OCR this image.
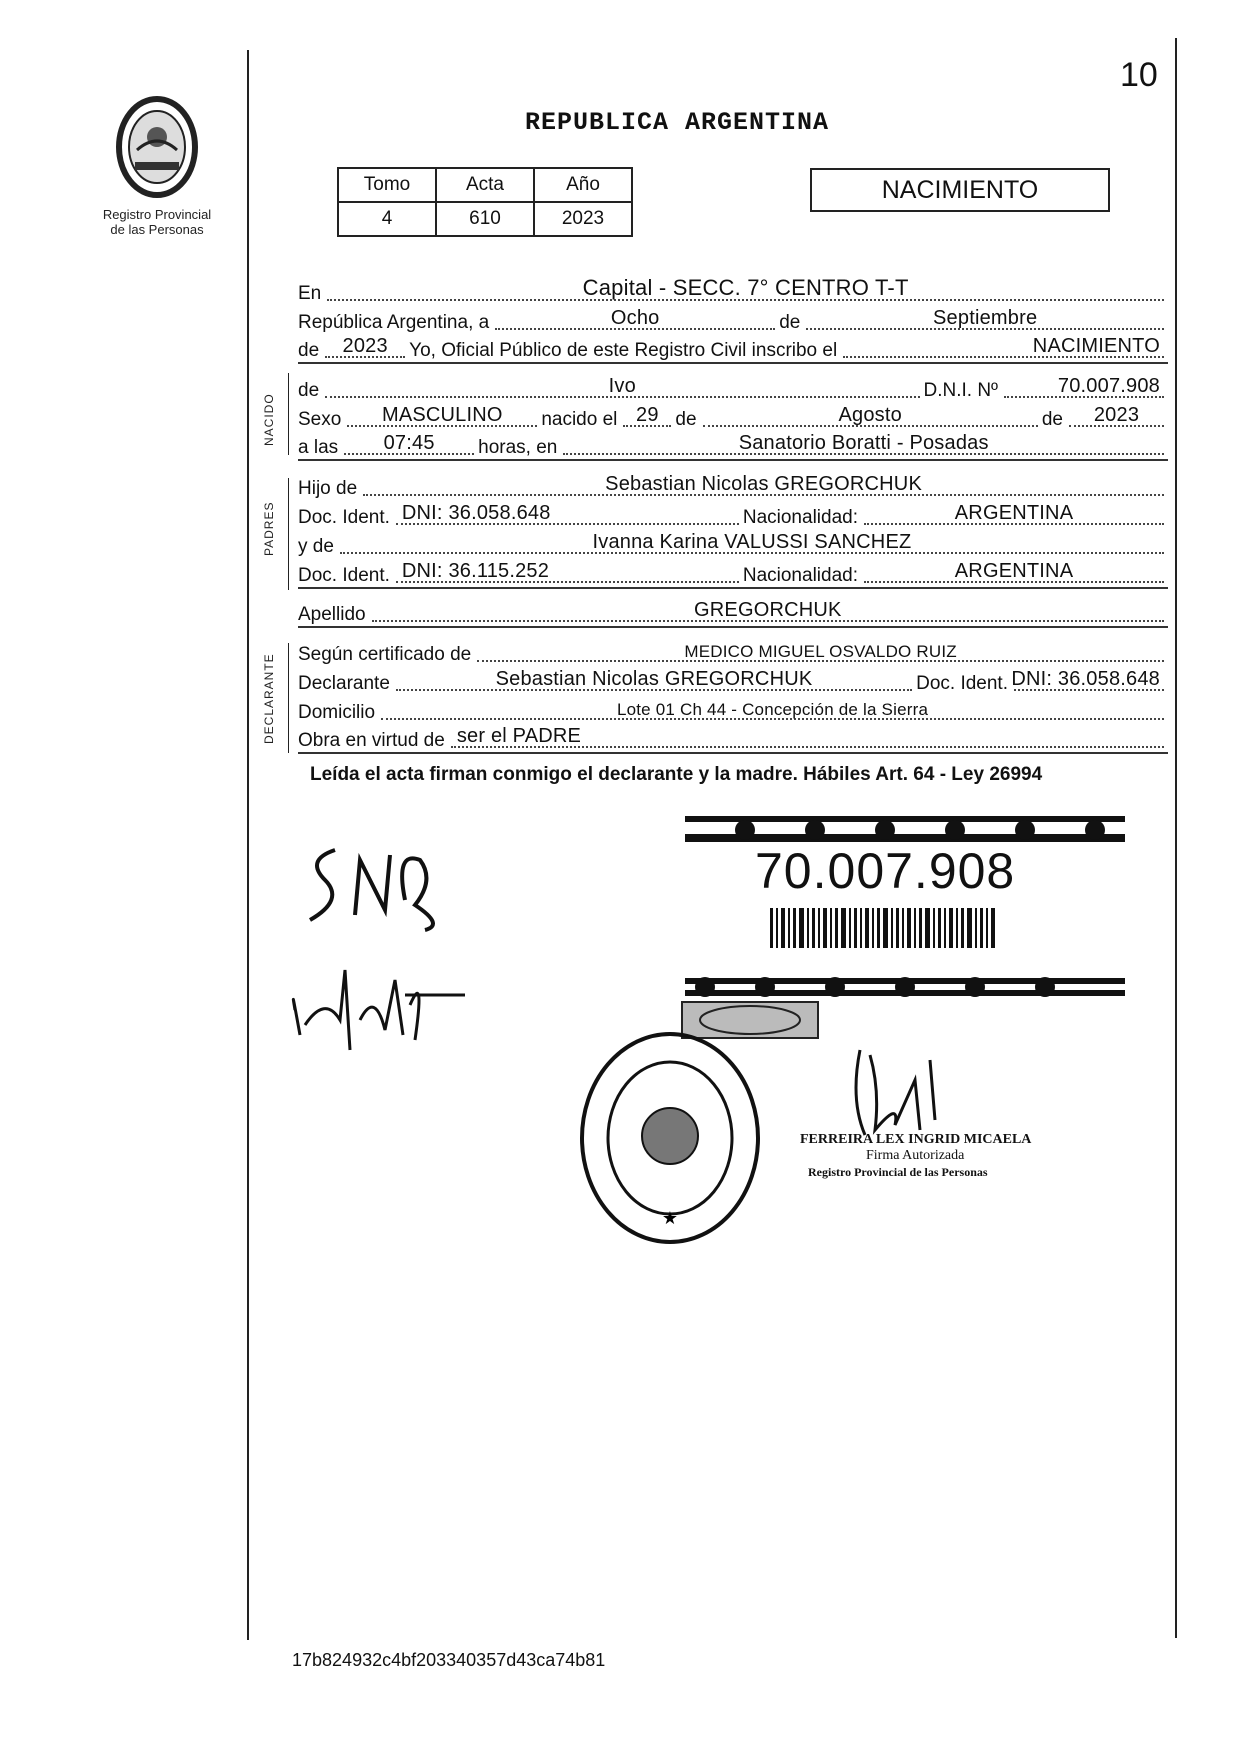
10
Registro Provincial
de las Personas
REPUBLICA ARGENTINA
Tomo	Acta	Año
4	610	2023
NACIMIENTO
NACIDO
PADRES
DECLARANTE
En	Capital - SECC. 7° CENTRO T-T
República Argentina, a	Ocho	de	Septiembre
de 2023 Yo, Oficial Público de este Registro Civil inscribo el	NACIMIENTO
de	Ivo	D.N.I. Nº	70.007.908
Sexo MASCULINO nacido el 29 de	Agosto	de 2023
a las 07:45 horas, en	Sanatorio Boratti - Posadas
Hijo de	Sebastian Nicolas GREGORCHUK
Doc. Ident. DNI: 36.058.648	Nacionalidad:	ARGENTINA
y de	Ivanna Karina VALUSSI SANCHEZ
Doc. Ident. DNI: 36.115.252	Nacionalidad:	ARGENTINA
Apellido	GREGORCHUK
Según certificado de	MEDICO MIGUEL OSVALDO RUIZ
Declarante	Sebastian Nicolas GREGORCHUK	Doc. Ident. DNI: 36.058.648
Domicilio	Lote 01 Ch 44 - Concepción de la Sierra
Obra en virtud de ser el PADRE
Leída el acta firman conmigo el declarante y la madre. Hábiles Art. 64 - Ley 26994
70.007.908
★
FERREIRA LEX INGRID MICAELA
Firma Autorizada
Registro Provincial de las Personas
17b824932c4bf203340357d43ca74b81
